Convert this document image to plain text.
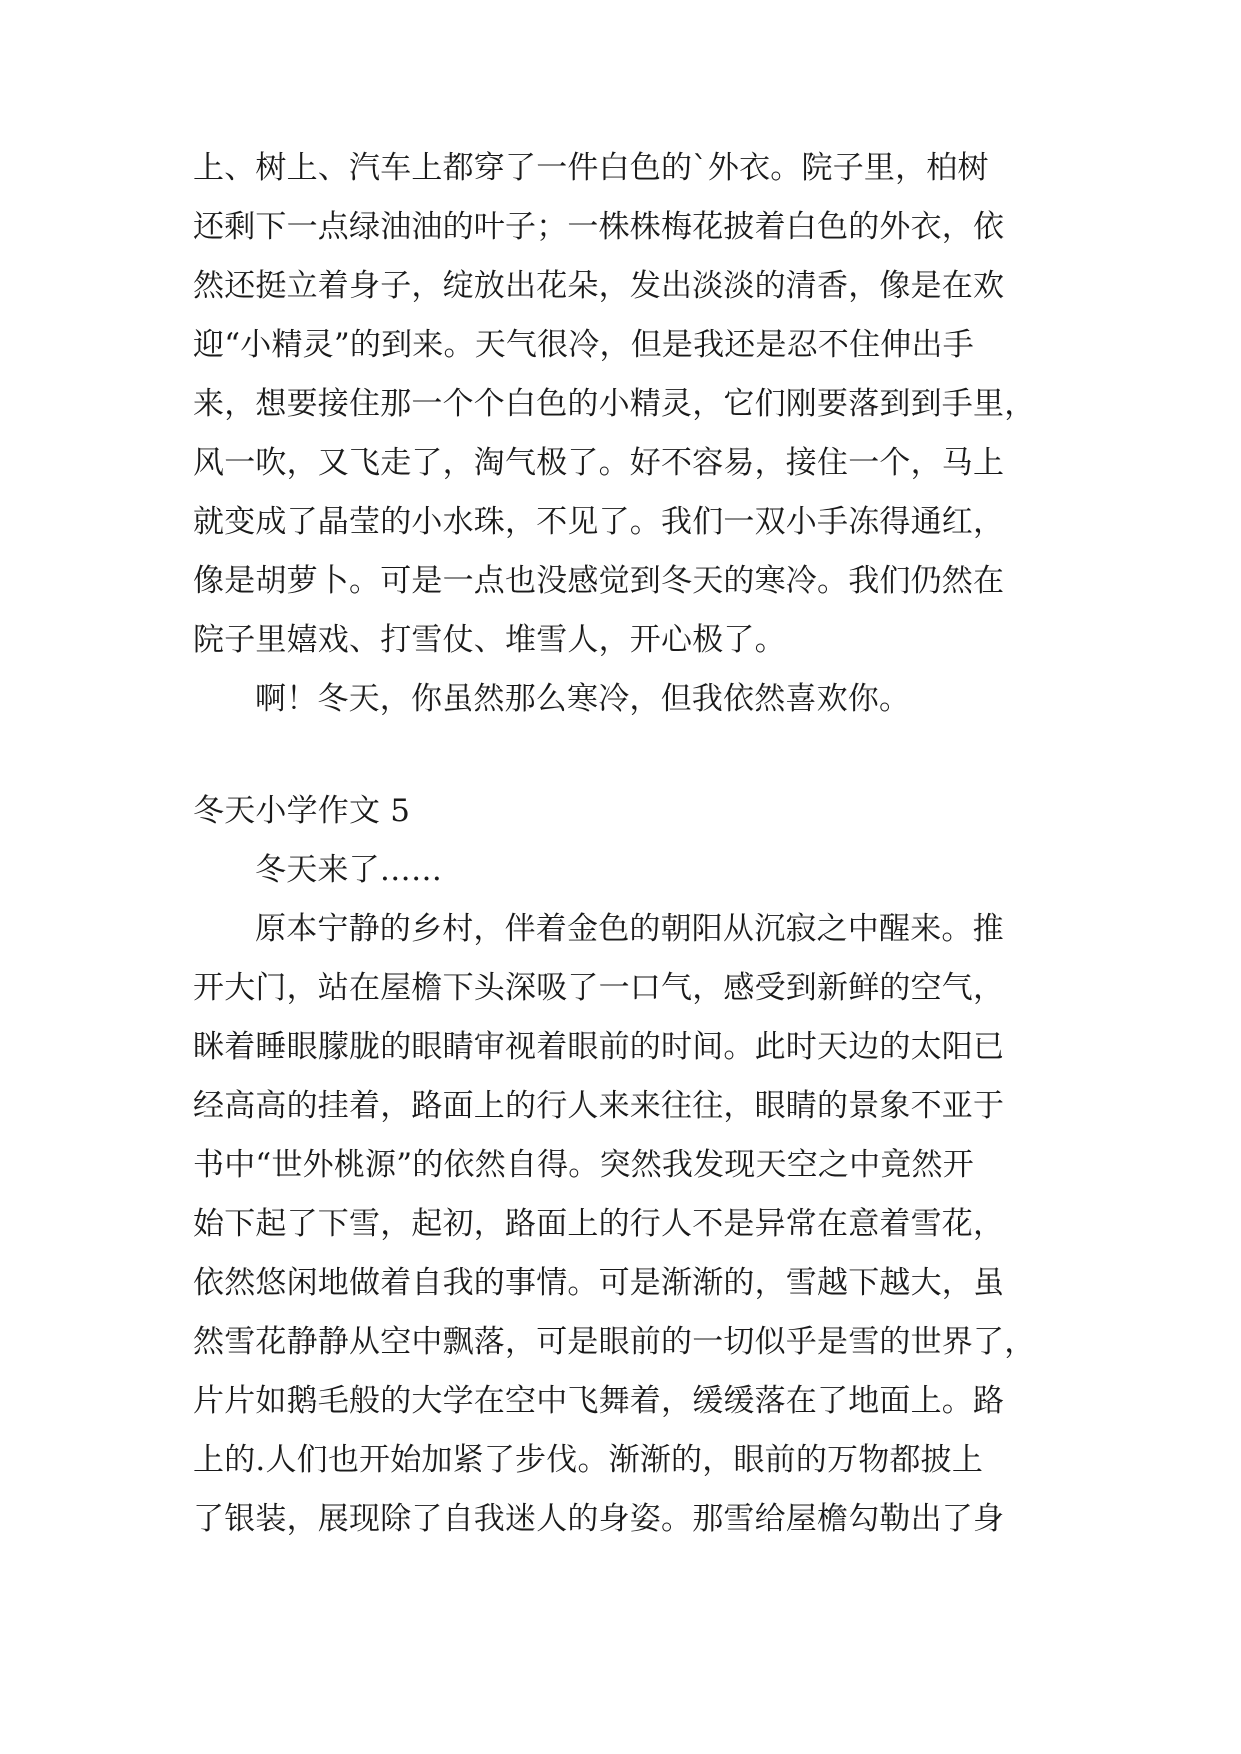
上、树上、汽车上都穿了一件白色的`外衣。院子里，柏树
还剩下一点绿油油的叶子；一株株梅花披着白色的外衣，依
然还挺立着身子，绽放出花朵，发出淡淡的清香，像是在欢
迎“小精灵”的到来。天气很冷，但是我还是忍不住伸出手
来，想要接住那一个个白色的小精灵，它们刚要落到到手里，
风一吹，又飞走了，淘气极了。好不容易，接住一个，马上
就变成了晶莹的小水珠，不见了。我们一双小手冻得通红，
像是胡萝卜。可是一点也没感觉到冬天的寒冷。我们仍然在
院子里嬉戏、打雪仗、堆雪人，开心极了。
啊！冬天，你虽然那么寒冷，但我依然喜欢你。
冬天小学作文 5
冬天来了……
原本宁静的乡村，伴着金色的朝阳从沉寂之中醒来。推
开大门，站在屋檐下头深吸了一口气，感受到新鲜的空气，
眯着睡眼朦胧的眼睛审视着眼前的时间。此时天边的太阳已
经高高的挂着，路面上的行人来来往往，眼睛的景象不亚于
书中“世外桃源”的依然自得。突然我发现天空之中竟然开
始下起了下雪，起初，路面上的行人不是异常在意着雪花，
依然悠闲地做着自我的事情。可是渐渐的，雪越下越大，虽
然雪花静静从空中飘落，可是眼前的一切似乎是雪的世界了，
片片如鹅毛般的大学在空中飞舞着，缓缓落在了地面上。路
上的.人们也开始加紧了步伐。渐渐的，眼前的万物都披上
了银装，展现除了自我迷人的身姿。那雪给屋檐勾勒出了身
